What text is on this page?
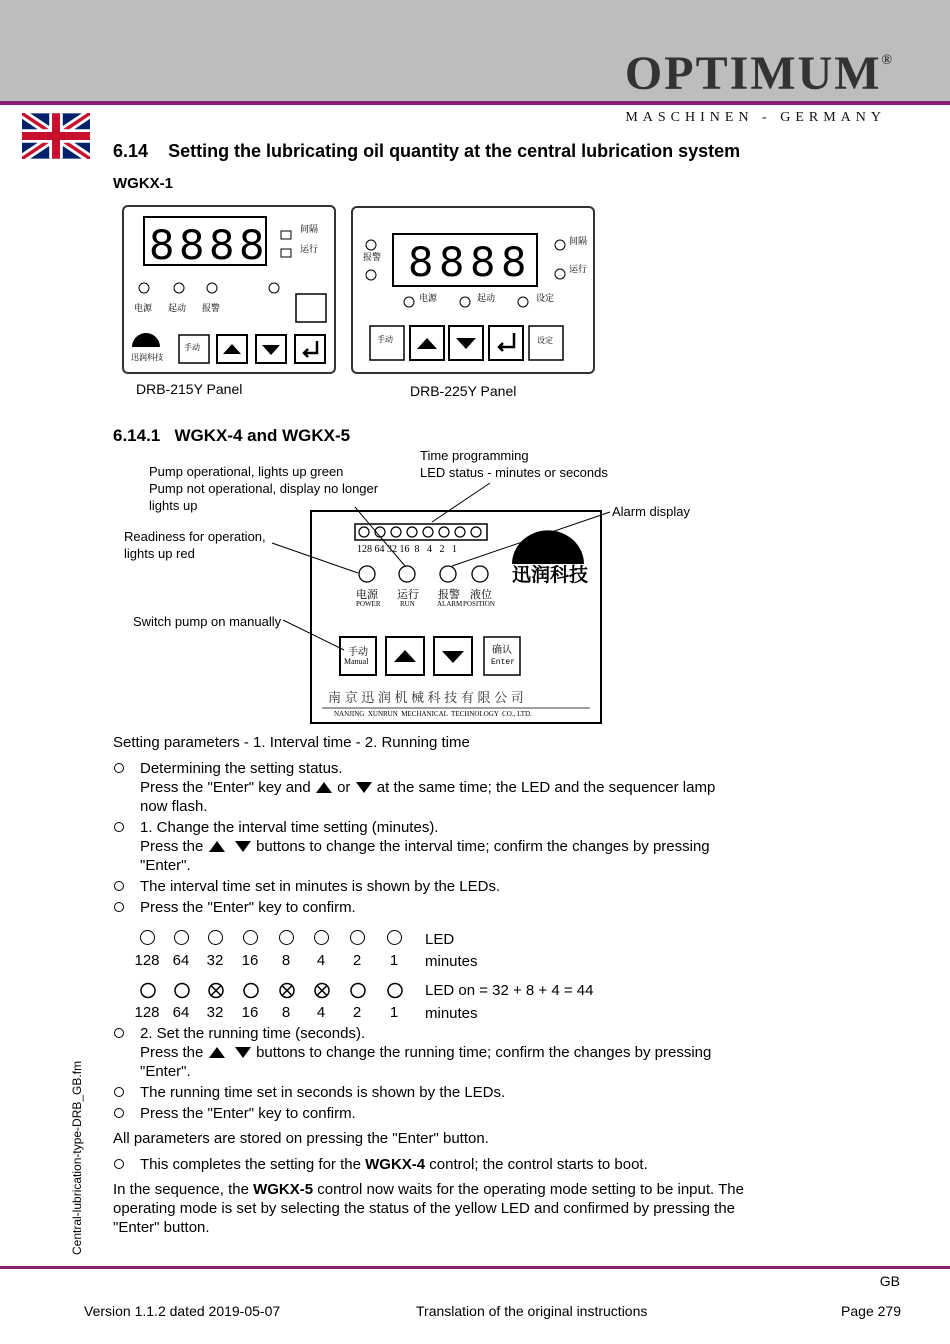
OPTIMUM®
MASCHINEN - GERMANY
6.14 Setting the lubricating oil quantity at the central lubrication system
WGKX-1
8 8 8 8	间隔
运行
电源 起动 报警
手动
迅润科技
DRB-215Y Panel
报警 8 8 8 8	间隔
运行
电源	起动	设定
手动	设定
DRB-225Y Panel
6.14.1 WGKX-4 and WGKX-5
Pump operational, lights up green
Pump not operational, display no longer
lights up
Readiness for operation,
lights up red
Switch pump on manually
Time programming
LED status - minutes or seconds
Alarm display
128 64 32 16  8   4   2   1
迅润科技
电源 运行 报警 液位
POWER	RUN	ALARM POSITION
手动
Manual
确认
Enter
南 京 迅 润 机 械 科 技 有 限 公 司
NANJING  XUNRUN  MECHANICAL  TECHNOLOGY  CO., LTD.
Setting parameters - 1. Interval time - 2. Running time
Determining the setting status.
Press the "Enter" key and or at the same time; the LED and the sequencer lamp
now flash.
1. Change the interval time setting (minutes).
Press the	buttons to change the interval time; confirm the changes by pressing
"Enter".
The interval time set in minutes is shown by the LEDs.
Press the "Enter" key to confirm.
LED
128 64	32	16	8	4	2	1	minutes
LED on = 32 + 8 + 4 = 44
128 64	32	16	8	4	2	1	minutes
2. Set the running time (seconds).
Press the	buttons to change the running time; confirm the changes by pressing
"Enter".
The running time set in seconds is shown by the LEDs.
Press the "Enter" key to confirm.
All parameters are stored on pressing the "Enter" button.
This completes the setting for the WGKX-4 control; the control starts to boot.
In the sequence, the WGKX-5 control now waits for the operating mode setting to be input. The
operating mode is set by selecting the status of the yellow LED and confirmed by pressing the
"Enter" button.
Central-lubrication-type-DRB_GB.fm
GB
Version 1.1.2 dated 2019-05-07	Translation of the original instructions	Page 279
